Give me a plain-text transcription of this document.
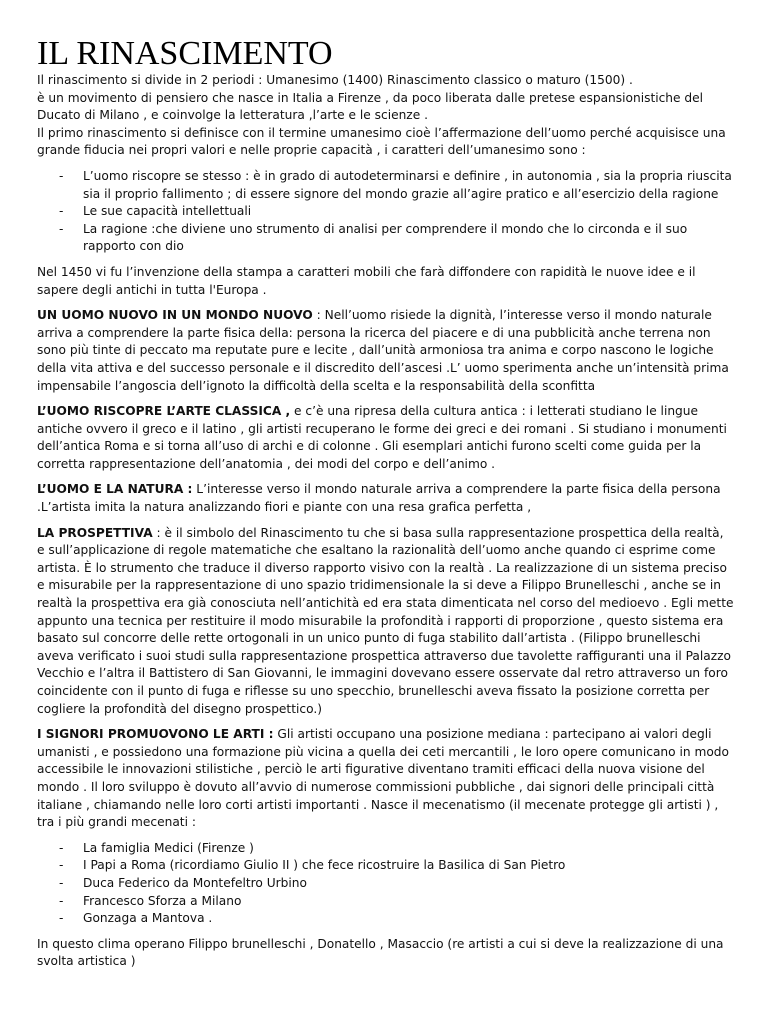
IL RINASCIMENTO

Il rinascimento si divide in 2 periodi : Umanesimo (1400) Rinascimento classico o maturo (1500) .

è un movimento di pensiero che nasce in Italia a Firenze , da poco liberata dalle pretese espansionistiche del Ducato di Milano , e coinvolge la letteratura ,l’arte e le scienze .

Il primo rinascimento si definisce con il termine umanesimo cioè l’affermazione dell’uomo perché acquisisce una grande fiducia nei propri valori e nelle proprie capacità , i caratteri dell’umanesimo sono :

- L’uomo riscopre se stesso : è in grado di autodeterminarsi e definire , in autonomia , sia la propria riuscita sia il proprio fallimento ; di essere signore del mondo grazie all’agire pratico e all’esercizio della ragione
- Le sue capacità intellettuali
- La ragione :che diviene uno strumento di analisi per comprendere il mondo che lo circonda e il suo rapporto con dio

Nel 1450 vi fu l’invenzione della stampa a caratteri mobili che farà diffondere con rapidità le nuove idee e il sapere degli antichi in tutta l'Europa .

UN UOMO NUOVO IN UN MONDO NUOVO : Nell’uomo risiede la dignità, l’interesse verso il mondo naturale arriva a comprendere la parte fisica della: persona la ricerca del piacere e di una pubblicità anche terrena non sono più tinte di peccato ma reputate pure e lecite , dall’unità armoniosa tra anima e corpo nascono le logiche della vita attiva e del successo personale e il discredito dell’ascesi .L’ uomo sperimenta anche un’intensità prima impensabile l’angoscia dell’ignoto la difficoltà della scelta e la responsabilità della sconfitta

L’UOMO RISCOPRE L’ARTE CLASSICA , e c’è una ripresa della cultura antica : i letterati studiano le lingue antiche ovvero il greco e il latino , gli artisti recuperano le forme dei greci e dei romani . Si studiano i monumenti dell’antica Roma e si torna all’uso di archi e di colonne . Gli esemplari antichi furono scelti come guida per la corretta rappresentazione dell’anatomia , dei modi del corpo e dell’animo .

L’UOMO E LA NATURA : L’interesse verso il mondo naturale arriva a comprendere la parte fisica della persona .L’artista imita la natura analizzando fiori e piante con una resa grafica perfetta ,

LA PROSPETTIVA : è il simbolo del Rinascimento tu che si basa sulla rappresentazione prospettica della realtà, e sull’applicazione di regole matematiche che esaltano la razionalità dell’uomo anche quando ci esprime come artista. È lo strumento che traduce il diverso rapporto visivo con la realtà . La realizzazione di un sistema preciso e misurabile per la rappresentazione di uno spazio tridimensionale la si deve a Filippo Brunelleschi , anche se in realtà la prospettiva era già conosciuta nell’antichità ed era stata dimenticata nel corso del medioevo . Egli mette appunto una tecnica per restituire il modo misurabile la profondità i rapporti di proporzione , questo sistema era basato sul concorre delle rette ortogonali in un unico punto di fuga stabilito dall’artista . (Filippo brunelleschi aveva verificato i suoi studi sulla rappresentazione prospettica attraverso due tavolette raffiguranti una il Palazzo Vecchio e l’altra il Battistero di San Giovanni, le immagini dovevano essere osservate dal retro attraverso un foro coincidente con il punto di fuga e riflesse su uno specchio, brunelleschi aveva fissato la posizione corretta per cogliere la profondità del disegno prospettico.)

I SIGNORI PROMUOVONO LE ARTI : Gli artisti occupano una posizione mediana : partecipano ai valori degli umanisti , e possiedono una formazione più vicina a quella dei ceti mercantili , le loro opere comunicano in modo accessibile le innovazioni stilistiche , perciò le arti figurative diventano tramiti efficaci della nuova visione del mondo . Il loro sviluppo è dovuto all’avvio di numerose commissioni pubbliche , dai signori delle principali città italiane , chiamando nelle loro corti artisti importanti . Nasce il mecenatismo (il mecenate protegge gli artisti ) , tra i più grandi mecenati :

- La famiglia Medici (Firenze )
- I Papi a Roma (ricordiamo Giulio II ) che fece ricostruire la Basilica di San Pietro
- Duca Federico da Montefeltro Urbino
- Francesco Sforza a Milano
- Gonzaga a Mantova .

In questo clima operano Filippo brunelleschi , Donatello , Masaccio (re artisti a cui si deve la realizzazione di una svolta artistica )
